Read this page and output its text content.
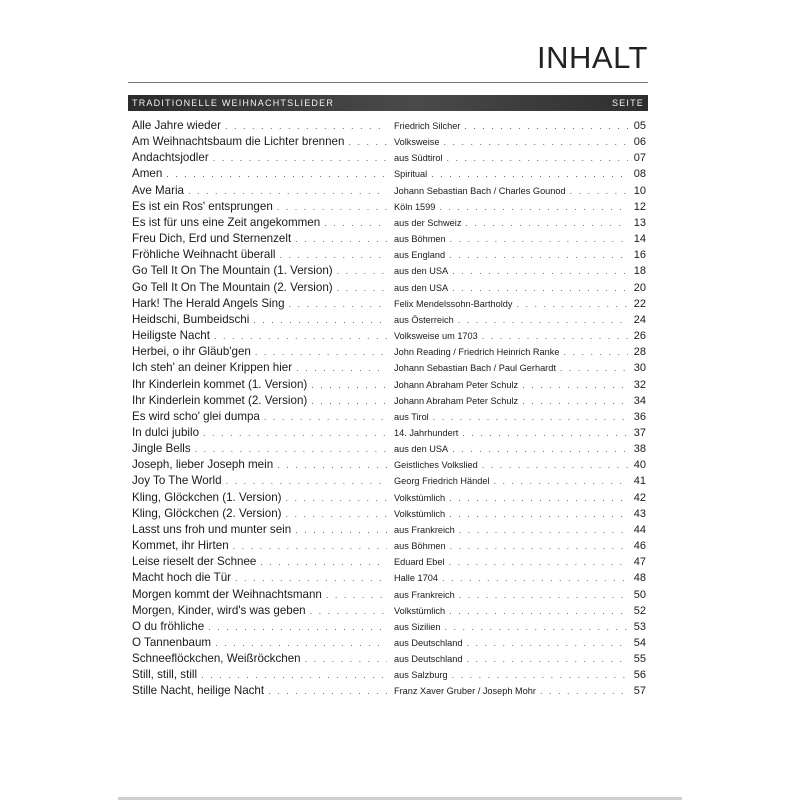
INHALT
TRADITIONELLE WEIHNACHTSLIEDER	SEITE
Alle Jahre wieder . . .	Friedrich Silcher . . .	05
Am Weihnachtsbaum die Lichter brennen . . .	Volksweise . . .	06
Andachtsjodler . . .	aus Südtirol . . .	07
Amen . . .	Spiritual . . .	08
Ave Maria . . .	Johann Sebastian Bach / Charles Gounod . . .	10
Es ist ein Ros' entsprungen . . .	Köln 1599 . . .	12
Es ist für uns eine Zeit angekommen . . .	aus der Schweiz . . .	13
Freu Dich, Erd und Sternenzelt . . .	aus Böhmen . . .	14
Fröhliche Weihnacht überall . . .	aus England . . .	16
Go Tell It On The Mountain (1. Version) . . .	aus den USA . . .	18
Go Tell It On The Mountain (2. Version) . . .	aus den USA . . .	20
Hark! The Herald Angels Sing . . .	Felix Mendelssohn-Bartholdy . . .	22
Heidschi, Bumbeidschi . . .	aus Österreich . . .	24
Heiligste Nacht . . .	Volksweise um 1703 . . .	26
Herbei, o ihr Gläub'gen . . .	John Reading / Friedrich Heinrich Ranke . . .	28
Ich steh' an deiner Krippen hier . . .	Johann Sebastian Bach / Paul Gerhardt . . .	30
Ihr Kinderlein kommet (1. Version) . . .	Johann Abraham Peter Schulz . . .	32
Ihr Kinderlein kommet (2. Version) . . .	Johann Abraham Peter Schulz . . .	34
Es wird scho' glei dumpa . . .	aus Tirol . . .	36
In dulci jubilo . . .	14. Jahrhundert . . .	37
Jingle Bells . . .	aus den USA . . .	38
Joseph, lieber Joseph mein . . .	Geistliches Volkslied . . .	40
Joy To The World . . .	Georg Friedrich Händel . . .	41
Kling, Glöckchen (1. Version) . . .	Volkstümlich . . .	42
Kling, Glöckchen (2. Version) . . .	Volkstümlich . . .	43
Lasst uns froh und munter sein . . .	aus Frankreich . . .	44
Kommet, ihr Hirten . . .	aus Böhmen . . .	46
Leise rieselt der Schnee . . .	Eduard Ebel . . .	47
Macht hoch die Tür . . .	Halle 1704 . . .	48
Morgen kommt der Weihnachtsmann . . .	aus Frankreich . . .	50
Morgen, Kinder, wird's was geben . . .	Volkstümlich . . .	52
O du fröhliche . . .	aus Sizilien . . .	53
O Tannenbaum . . .	aus Deutschland . . .	54
Schneeflöckchen, Weißröckchen . . .	aus Deutschland . . .	55
Still, still, still . . .	aus Salzburg . . .	56
Stille Nacht, heilige Nacht . . .	Franz Xaver Gruber / Joseph Mohr . . .	57
